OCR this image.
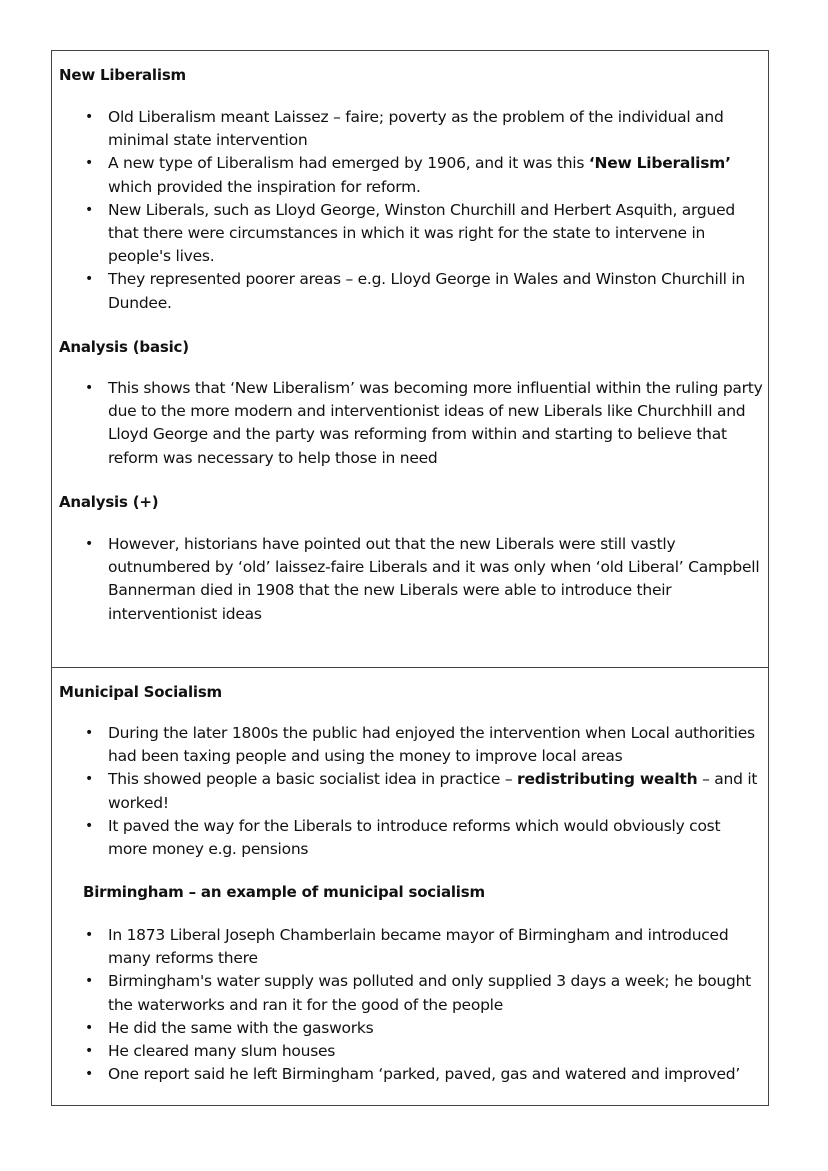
New Liberalism
• Old Liberalism meant Laissez – faire; poverty as the problem of the individual and minimal state intervention
• A new type of Liberalism had emerged by 1906, and it was this ‘New Liberalism’ which provided the inspiration for reform.
• New Liberals, such as Lloyd George, Winston Churchill and Herbert Asquith, argued that there were circumstances in which it was right for the state to intervene in people's lives.
• They represented poorer areas – e.g. Lloyd George in Wales and Winston Churchill in Dundee.
Analysis (basic)
• This shows that ‘New Liberalism’ was becoming more influential within the ruling party due to the more modern and interventionist ideas of new Liberals like Churchhill and Lloyd George and the party was reforming from within and starting to believe that reform was necessary to help those in need
Analysis (+)
• However, historians have pointed out that the new Liberals were still vastly outnumbered by ‘old’ laissez-faire Liberals and it was only when ‘old Liberal’ Campbell Bannerman died in 1908 that the new Liberals were able to introduce their interventionist ideas
Municipal Socialism
• During the later 1800s the public had enjoyed the intervention when Local authorities had been taxing people and using the money to improve local areas
• This showed people a basic socialist idea in practice – redistributing wealth – and it worked!
• It paved the way for the Liberals to introduce reforms which would obviously cost more money e.g. pensions
Birmingham – an example of municipal socialism
• In 1873 Liberal Joseph Chamberlain became mayor of Birmingham and introduced many reforms there
• Birmingham's water supply was polluted and only supplied 3 days a week; he bought the waterworks and ran it for the good of the people
• He did the same with the gasworks
• He cleared many slum houses
• One report said he left Birmingham ‘parked, paved, gas and watered and improved’
